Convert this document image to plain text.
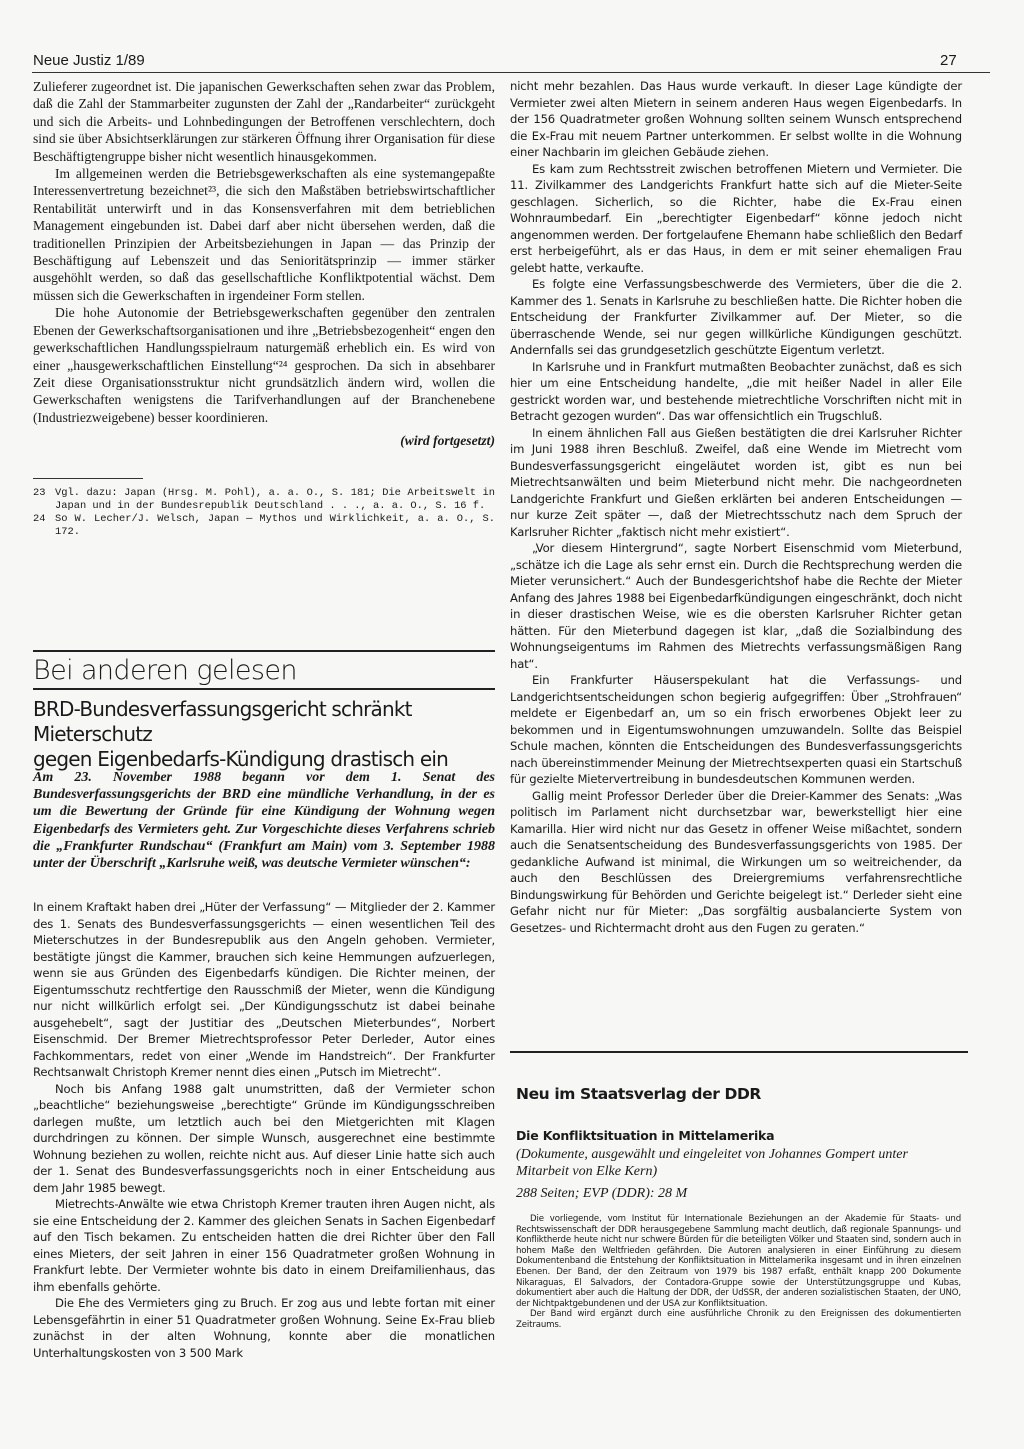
Neue Justiz 1/89	27

Zulieferer zugeordnet ist. Die japanischen Gewerkschaften sehen zwar das Problem, daß die Zahl der Stammarbeiter zugunsten der Zahl der „Randarbeiter“ zurückgeht und sich die Arbeits- und Lohnbedingungen der Betroffenen verschlechtern, doch sind sie über Absichtserklärungen zur stärkeren Öffnung ihrer Organisation für diese Beschäftigtengruppe bisher nicht wesentlich hinausgekommen.

Im allgemeinen werden die Betriebsgewerkschaften als eine systemangepaßte Interessenvertretung bezeichnet²³, die sich den Maßstäben betriebswirtschaftlicher Rentabilität unterwirft und in das Konsensverfahren mit dem betrieblichen Management eingebunden ist. Dabei darf aber nicht übersehen werden, daß die traditionellen Prinzipien der Arbeitsbeziehungen in Japan — das Prinzip der Beschäftigung auf Lebenszeit und das Senioritätsprinzip — immer stärker ausgehöhlt werden, so daß das gesellschaftliche Konfliktpotential wächst. Dem müssen sich die Gewerkschaften in irgendeiner Form stellen.

Die hohe Autonomie der Betriebsgewerkschaften gegenüber den zentralen Ebenen der Gewerkschaftsorganisationen und ihre „Betriebsbezogenheit“ engen den gewerkschaftlichen Handlungsspielraum naturgemäß erheblich ein. Es wird von einer „hausgewerkschaftlichen Einstellung“²⁴ gesprochen. Da sich in absehbarer Zeit diese Organisationsstruktur nicht grundsätzlich ändern wird, wollen die Gewerkschaften wenigstens die Tarifverhandlungen auf der Branchenebene (Industriezweigebene) besser koordinieren.

(wird fortgesetzt)

23 Vgl. dazu: Japan (Hrsg. M. Pohl), a. a. O., S. 181; Die Arbeitswelt in Japan und in der Bundesrepublik Deutschland . . ., a. a. O., S. 16 f.
24 So W. Lecher/J. Welsch, Japan — Mythos und Wirklichkeit, a. a. O., S. 172.
Bei anderen gelesen
BRD-Bundesverfassungsgericht schränkt Mieterschutz
gegen Eigenbedarfs-Kündigung drastisch ein
Am 23. November 1988 begann vor dem 1. Senat des Bundesverfassungsgerichts der BRD eine mündliche Verhandlung, in der es um die Bewertung der Gründe für eine Kündigung der Wohnung wegen Eigenbedarfs des Vermieters geht. Zur Vorgeschichte dieses Verfahrens schrieb die „Frankfurter Rundschau“ (Frankfurt am Main) vom 3. September 1988 unter der Überschrift „Karlsruhe weiß, was deutsche Vermieter wünschen“:

In einem Kraftakt haben drei „Hüter der Verfassung“ — Mitglieder der 2. Kammer des 1. Senats des Bundesverfassungsgerichts — einen wesentlichen Teil des Mieterschutzes in der Bundesrepublik aus den Angeln gehoben. Vermieter, bestätigte jüngst die Kammer, brauchen sich keine Hemmungen aufzuerlegen, wenn sie aus Gründen des Eigenbedarfs kündigen. Die Richter meinen, der Eigentumsschutz rechtfertige den Rausschmiß der Mieter, wenn die Kündigung nur nicht willkürlich erfolgt sei. „Der Kündigungsschutz ist dabei beinahe ausgehebelt“, sagt der Justitiar des „Deutschen Mieterbundes“, Norbert Eisenschmid. Der Bremer Mietrechtsprofessor Peter Derleder, Autor eines Fachkommentars, redet von einer „Wende im Handstreich“. Der Frankfurter Rechtsanwalt Christoph Kremer nennt dies einen „Putsch im Mietrecht“.

Noch bis Anfang 1988 galt unumstritten, daß der Vermieter schon „beachtliche“ beziehungsweise „berechtigte“ Gründe im Kündigungsschreiben darlegen mußte, um letztlich auch bei den Mietgerichten mit Klagen durchdringen zu können. Der simple Wunsch, ausgerechnet eine bestimmte Wohnung beziehen zu wollen, reichte nicht aus. Auf dieser Linie hatte sich auch der 1. Senat des Bundesverfassungsgerichts noch in einer Entscheidung aus dem Jahr 1985 bewegt.

Mietrechts-Anwälte wie etwa Christoph Kremer trauten ihren Augen nicht, als sie eine Entscheidung der 2. Kammer des gleichen Senats in Sachen Eigenbedarf auf den Tisch bekamen. Zu entscheiden hatten die drei Richter über den Fall eines Mieters, der seit Jahren in einer 156 Quadratmeter großen Wohnung in Frankfurt lebte. Der Vermieter wohnte bis dato in einem Dreifamilienhaus, das ihm ebenfalls gehörte.

Die Ehe des Vermieters ging zu Bruch. Er zog aus und lebte fortan mit einer Lebensgefährtin in einer 51 Quadratmeter großen Wohnung. Seine Ex-Frau blieb zunächst in der alten Wohnung, konnte aber die monatlichen Unterhaltungskosten von 3 500 Mark

nicht mehr bezahlen. Das Haus wurde verkauft. In dieser Lage kündigte der Vermieter zwei alten Mietern in seinem anderen Haus wegen Eigenbedarfs. In der 156 Quadratmeter großen Wohnung sollten seinem Wunsch entsprechend die Ex-Frau mit neuem Partner unterkommen. Er selbst wollte in die Wohnung einer Nachbarin im gleichen Gebäude ziehen.

Es kam zum Rechtsstreit zwischen betroffenen Mietern und Vermieter. Die 11. Zivilkammer des Landgerichts Frankfurt hatte sich auf die Mieter-Seite geschlagen. Sicherlich, so die Richter, habe die Ex-Frau einen Wohnraumbedarf. Ein „berechtigter Eigenbedarf“ könne jedoch nicht angenommen werden. Der fortgelaufene Ehemann habe schließlich den Bedarf erst herbeigeführt, als er das Haus, in dem er mit seiner ehemaligen Frau gelebt hatte, verkaufte.

Es folgte eine Verfassungsbeschwerde des Vermieters, über die die 2. Kammer des 1. Senats in Karlsruhe zu beschließen hatte. Die Richter hoben die Entscheidung der Frankfurter Zivilkammer auf. Der Mieter, so die überraschende Wende, sei nur gegen willkürliche Kündigungen geschützt. Andernfalls sei das grundgesetzlich geschützte Eigentum verletzt.

In Karlsruhe und in Frankfurt mutmaßten Beobachter zunächst, daß es sich hier um eine Entscheidung handelte, „die mit heißer Nadel in aller Eile gestrickt worden war, und bestehende mietrechtliche Vorschriften nicht mit in Betracht gezogen wurden“. Das war offensichtlich ein Trugschluß.

In einem ähnlichen Fall aus Gießen bestätigten die drei Karlsruher Richter im Juni 1988 ihren Beschluß. Zweifel, daß eine Wende im Mietrecht vom Bundesverfassungsgericht eingeläutet worden ist, gibt es nun bei Mietrechtsanwälten und beim Mieterbund nicht mehr. Die nachgeordneten Landgerichte Frankfurt und Gießen erklärten bei anderen Entscheidungen — nur kurze Zeit später —, daß der Mietrechtsschutz nach dem Spruch der Karlsruher Richter „faktisch nicht mehr existiert“.

„Vor diesem Hintergrund“, sagte Norbert Eisenschmid vom Mieterbund, „schätze ich die Lage als sehr ernst ein. Durch die Rechtsprechung werden die Mieter verunsichert.“ Auch der Bundesgerichtshof habe die Rechte der Mieter Anfang des Jahres 1988 bei Eigenbedarfkündigungen eingeschränkt, doch nicht in dieser drastischen Weise, wie es die obersten Karlsruher Richter getan hätten. Für den Mieterbund dagegen ist klar, „daß die Sozialbindung des Wohnungseigentums im Rahmen des Mietrechts verfassungsmäßigen Rang hat“.

Ein Frankfurter Häuserspekulant hat die Verfassungs- und Landgerichtsentscheidungen schon begierig aufgegriffen: Über „Strohfrauen“ meldete er Eigenbedarf an, um so ein frisch erworbenes Objekt leer zu bekommen und in Eigentumswohnungen umzuwandeln. Sollte das Beispiel Schule machen, könnten die Entscheidungen des Bundesverfassungsgerichts nach übereinstimmender Meinung der Mietrechtsexperten quasi ein Startschuß für gezielte Mietervertreibung in bundesdeutschen Kommunen werden.

Gallig meint Professor Derleder über die Dreier-Kammer des Senats: „Was politisch im Parlament nicht durchsetzbar war, bewerkstelligt hier eine Kamarilla. Hier wird nicht nur das Gesetz in offener Weise mißachtet, sondern auch die Senatsentscheidung des Bundesverfassungsgerichts von 1985. Der gedankliche Aufwand ist minimal, die Wirkungen um so weitreichender, da auch den Beschlüssen des Dreiergremiums verfahrensrechtliche Bindungswirkung für Behörden und Gerichte beigelegt ist.“ Derleder sieht eine Gefahr nicht nur für Mieter: „Das sorgfältig ausbalancierte System von Gesetzes- und Richtermacht droht aus den Fugen zu geraten.“

Neu im Staatsverlag der DDR
Die Konfliktsituation in Mittelamerika
(Dokumente, ausgewählt und eingeleitet von Johannes Gompert unter Mitarbeit von Elke Kern)
288 Seiten; EVP (DDR): 28 M

Die vorliegende, vom Institut für Internationale Beziehungen an der Akademie für Staats- und Rechtswissenschaft der DDR herausgegebene Sammlung macht deutlich, daß regionale Spannungs- und Konfliktherde heute nicht nur schwere Bürden für die beteiligten Völker und Staaten sind, sondern auch in hohem Maße den Weltfrieden gefährden. Die Autoren analysieren in einer Einführung zu diesem Dokumentenband die Entstehung der Konfliktsituation in Mittelamerika insgesamt und in ihren einzelnen Ebenen. Der Band, der den Zeitraum von 1979 bis 1987 erfaßt, enthält knapp 200 Dokumente Nikaraguas, El Salvadors, der Contadora-Gruppe sowie der Unterstützungsgruppe und Kubas, dokumentiert aber auch die Haltung der DDR, der UdSSR, der anderen sozialistischen Staaten, der UNO, der Nichtpaktgebundenen und der USA zur Konfliktsituation.

Der Band wird ergänzt durch eine ausführliche Chronik zu den Ereignissen des dokumentierten Zeitraums.
